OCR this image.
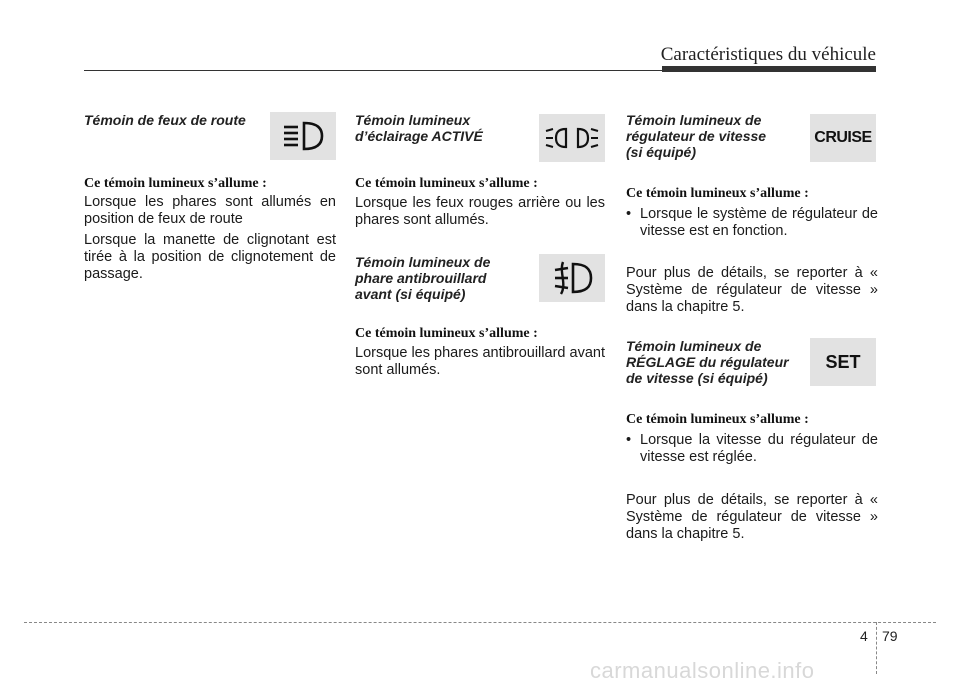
Caractéristiques du véhicule

Témoin de feux de route

Ce témoin lumineux s’allume :

Lorsque les phares sont allumés en position de feux de route

Lorsque la manette de clignotant est tirée à la position de clignotement de passage.

Témoin lumineux
d’éclairage ACTIVÉ

Ce témoin lumineux s’allume :

Lorsque les feux rouges arrière ou les phares sont allumés.

Témoin lumineux de
phare antibrouillard
avant (si équipé)

Ce témoin lumineux s’allume :

Lorsque les phares antibrouillard avant sont allumés.

CRUISE

Témoin lumineux de
régulateur de vitesse
(si équipé)

Ce témoin lumineux s’allume :

• Lorsque le système de régulateur de vitesse est en fonction.

Pour plus de détails, se reporter à « Système de régulateur de vitesse » dans la chapitre 5.

SET

Témoin lumineux de
RÉGLAGE du régulateur
de vitesse (si équipé)

Ce témoin lumineux s’allume :

• Lorsque la vitesse du régulateur de vitesse est réglée.

Pour plus de détails, se reporter à « Système de régulateur de vitesse » dans la chapitre 5.

4 79
carmanualsonline.info
